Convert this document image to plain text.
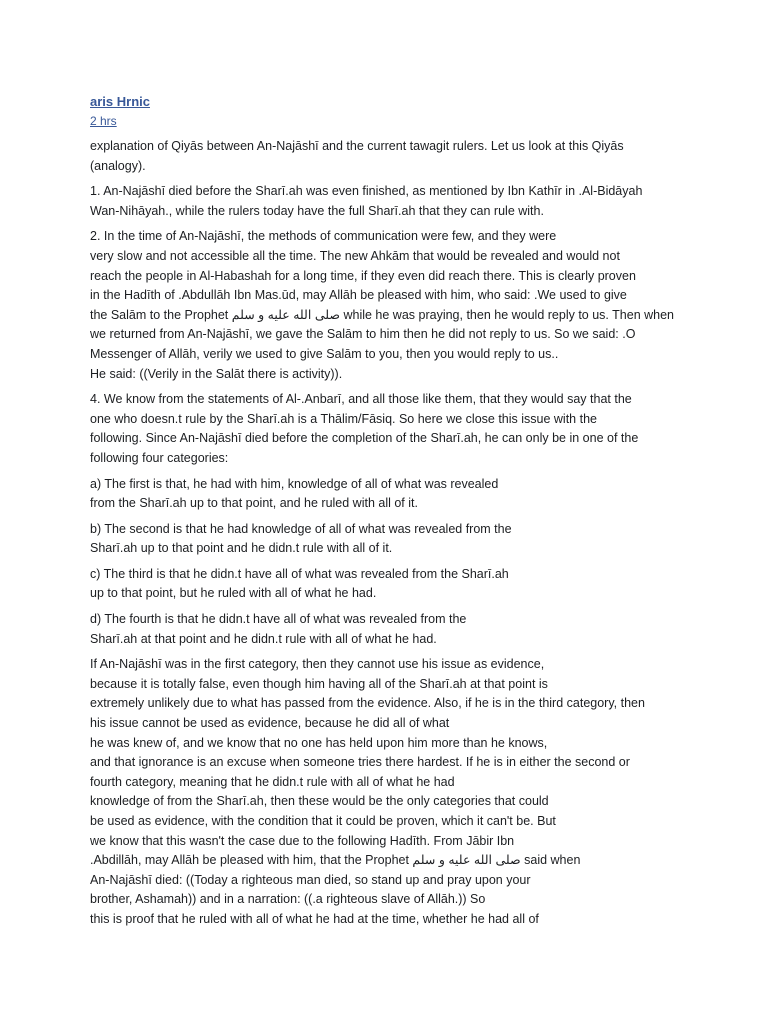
aris Hrnic
2 hrs

explanation of Qiyās between An-Najāshī and the current tawagit rulers. Let us look at this Qiyās
(analogy).

1. An-Najāshī died before the Sharī.ah was even finished, as mentioned by Ibn Kathīr in .Al-Bidāyah
Wan-Nihāyah., while the rulers today have the full Sharī.ah that they can rule with.

2. In the time of An-Najāshī, the methods of communication were few, and they were
very slow and not accessible all the time. The new Ahkām that would be revealed and would not
reach the people in Al-Habashah for a long time, if they even did reach there. This is clearly proven
in the Hadīth of .Abdullāh Ibn Mas.ūd, may Allāh be pleased with him, who said: .We used to give
the Salām to the Prophet صلى الله عليه و سلم while he was praying, then he would reply to us. Then when
we returned from An-Najāshī, we gave the Salām to him then he did not reply to us. So we said: .O
Messenger of Allāh, verily we used to give Salām to you, then you would reply to us..
He said: ((Verily in the Salāt there is activity)).

4. We know from the statements of Al-.Anbarī, and all those like them, that they would say that the
one who doesn.t rule by the Sharī.ah is a Thālim/Fāsiq. So here we close this issue with the
following. Since An-Najāshī died before the completion of the Sharī.ah, he can only be in one of the
following four categories:

a) The first is that, he had with him, knowledge of all of what was revealed
from the Sharī.ah up to that point, and he ruled with all of it.

b) The second is that he had knowledge of all of what was revealed from the
Sharī.ah up to that point and he didn.t rule with all of it.

c) The third is that he didn.t have all of what was revealed from the Sharī.ah
up to that point, but he ruled with all of what he had.

d) The fourth is that he didn.t have all of what was revealed from the
Sharī.ah at that point and he didn.t rule with all of what he had.

If An-Najāshī was in the first category, then they cannot use his issue as evidence,
because it is totally false, even though him having all of the Sharī.ah at that point is
extremely unlikely due to what has passed from the evidence. Also, if he is in the third category, then
his issue cannot be used as evidence, because he did all of what
he was knew of, and we know that no one has held upon him more than he knows,
and that ignorance is an excuse when someone tries there hardest. If he is in either the second or
fourth category, meaning that he didn.t rule with all of what he had
knowledge of from the Sharī.ah, then these would be the only categories that could
be used as evidence, with the condition that it could be proven, which it can't be. But
we know that this wasn't the case due to the following Hadīth. From Jābir Ibn
.Abdillāh, may Allāh be pleased with him, that the Prophet صلى الله عليه و سلم said when
An-Najāshī died: ((Today a righteous man died, so stand up and pray upon your
brother, Ashamah)) and in a narration: ((.a righteous slave of Allāh.)) So
this is proof that he ruled with all of what he had at the time, whether he had all of
